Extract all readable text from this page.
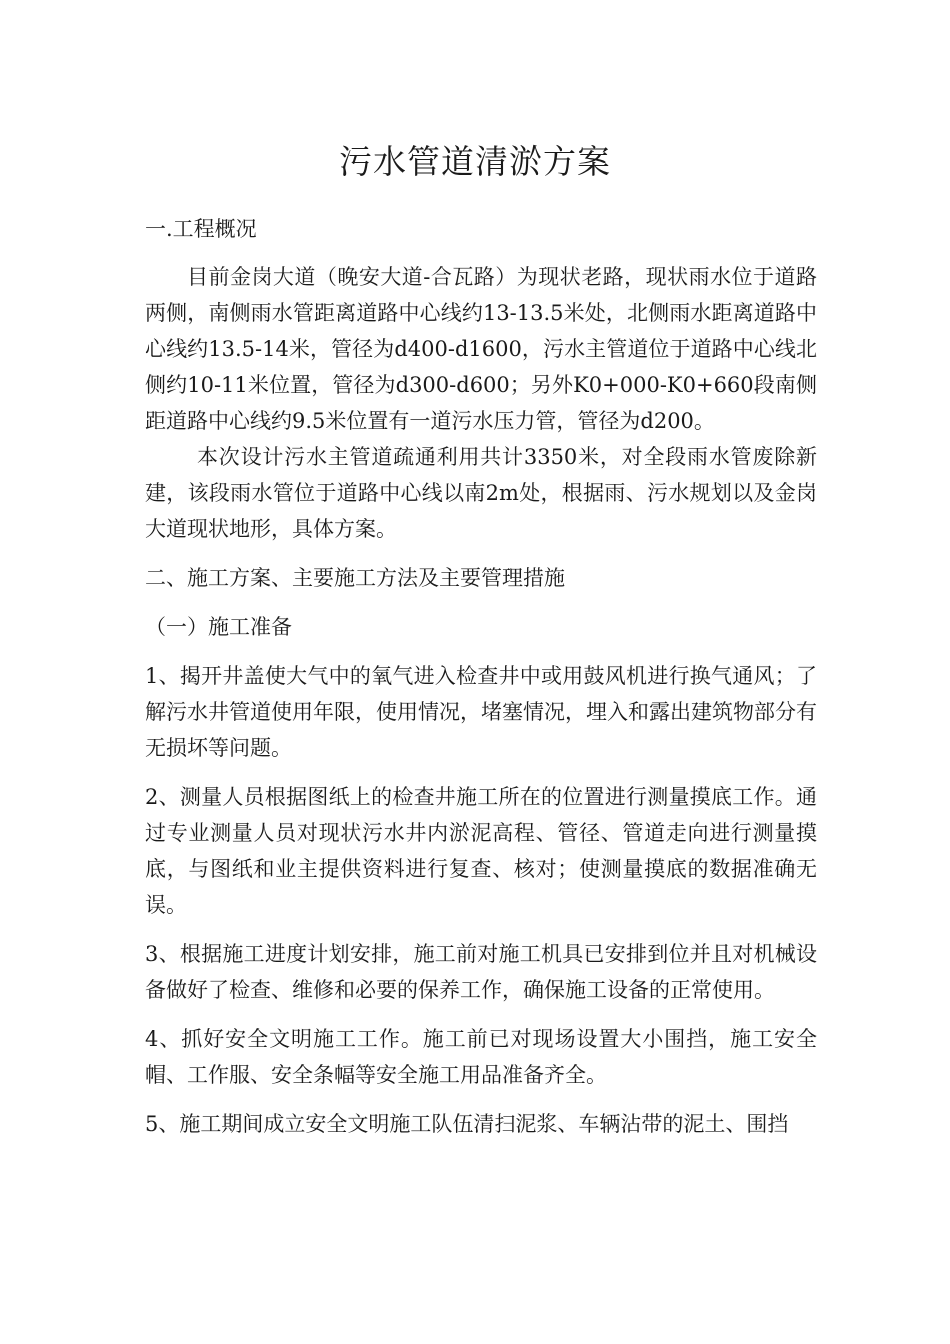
污水管道清淤方案

一.工程概况

目前金岗大道（晚安大道-合瓦路）为现状老路，现状雨水位于道路两侧，南侧雨水管距离道路中心线约13-13.5米处，北侧雨水距离道路中心线约13.5-14米，管径为d400-d1600，污水主管道位于道路中心线北侧约10-11米位置，管径为d300-d600；另外K0+000-K0+660段南侧距道路中心线约9.5米位置有一道污水压力管，管径为d200。

本次设计污水主管道疏通利用共计3350米，对全段雨水管废除新建，该段雨水管位于道路中心线以南2m处，根据雨、污水规划以及金岗大道现状地形，具体方案。

二、施工方案、主要施工方法及主要管理措施

（一）施工准备

1、揭开井盖使大气中的氧气进入检查井中或用鼓风机进行换气通风；了解污水井管道使用年限，使用情况，堵塞情况，埋入和露出建筑物部分有无损坏等问题。

2、测量人员根据图纸上的检查井施工所在的位置进行测量摸底工作。通过专业测量人员对现状污水井内淤泥高程、管径、管道走向进行测量摸底，与图纸和业主提供资料进行复查、核对；使测量摸底的数据准确无误。

3、根据施工进度计划安排，施工前对施工机具已安排到位并且对机械设备做好了检查、维修和必要的保养工作，确保施工设备的正常使用。

4、抓好安全文明施工工作。施工前已对现场设置大小围挡，施工安全帽、工作服、安全条幅等安全施工用品准备齐全。

5、施工期间成立安全文明施工队伍清扫泥浆、车辆沾带的泥土、围挡
